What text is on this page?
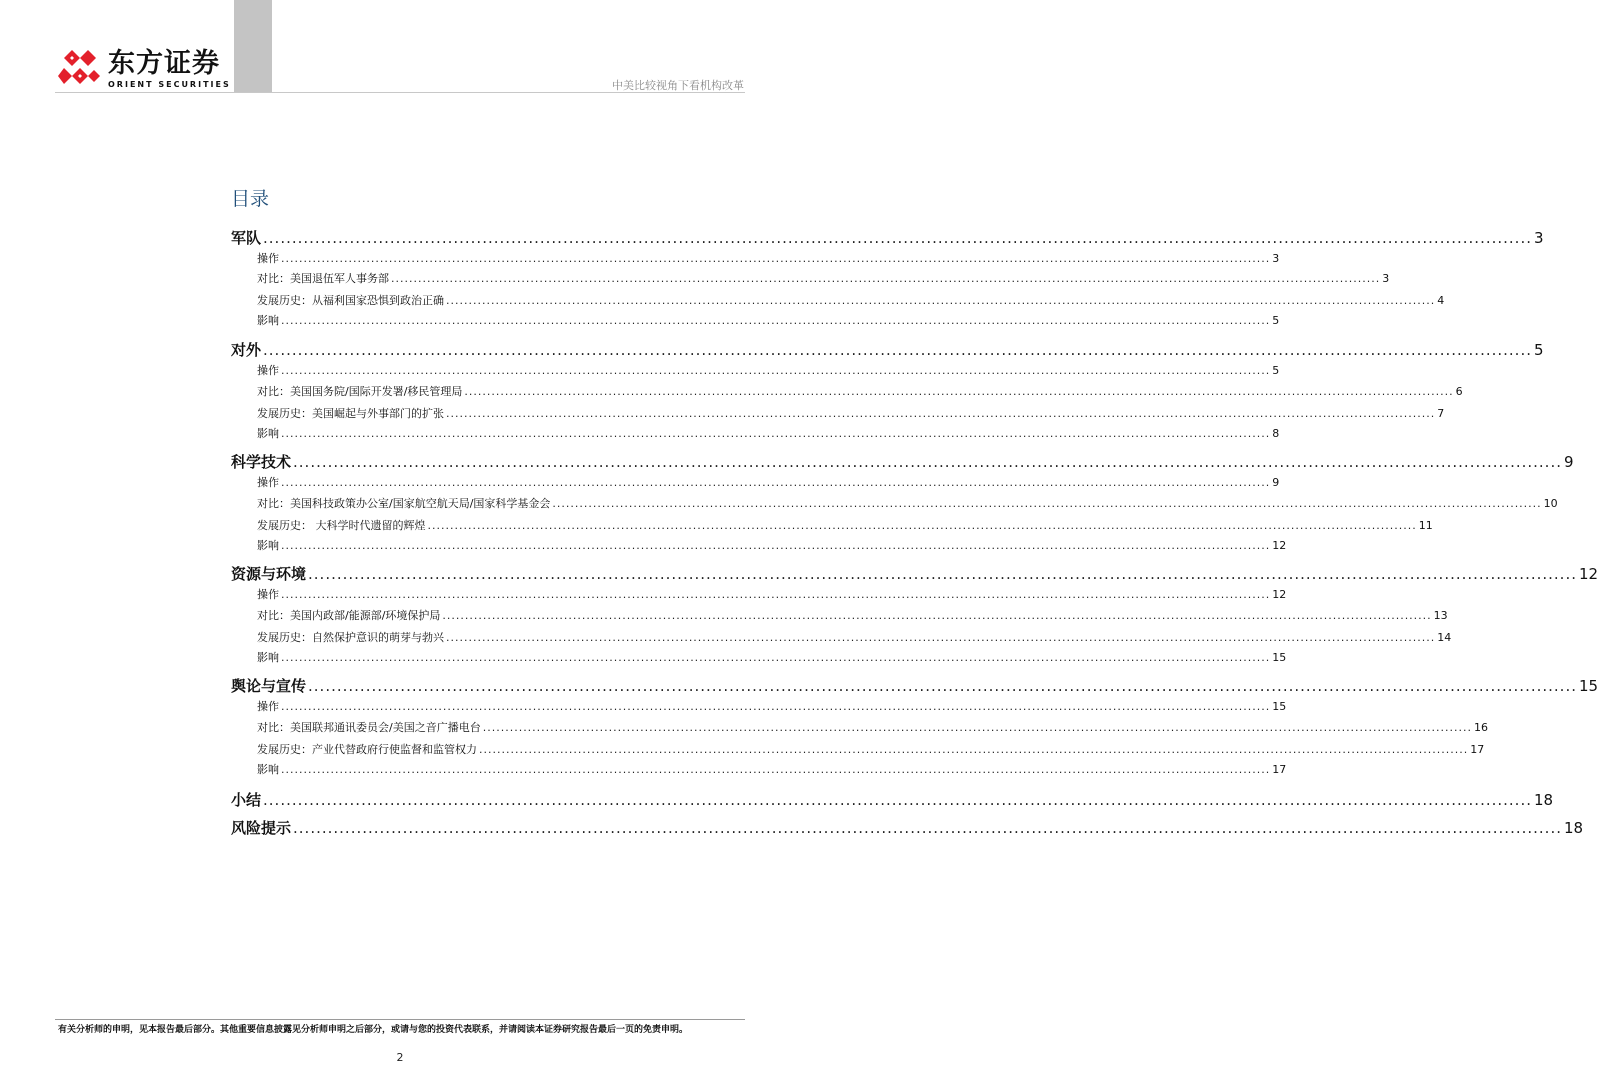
东方证券
ORIENT SECURITIES	中美比较视角下看机构改革
目录
军队 ............................................................................................................................................................................................................................ 3
操作 ............................................................................................................................................................................................................................ 3
对比：美国退伍军人事务部 ............................................................................................................................................................................................................................ 3
发展历史：从福利国家恐惧到政治正确 ............................................................................................................................................................................................................................ 4
影响 ............................................................................................................................................................................................................................ 5
对外 ............................................................................................................................................................................................................................ 5
操作 ............................................................................................................................................................................................................................ 5
对比：美国国务院/国际开发署/移民管理局 ............................................................................................................................................................................................................................ 6
发展历史：美国崛起与外事部门的扩张 ............................................................................................................................................................................................................................ 7
影响 ............................................................................................................................................................................................................................ 8
科学技术 ............................................................................................................................................................................................................................ 9
操作 ............................................................................................................................................................................................................................ 9
对比：美国科技政策办公室/国家航空航天局/国家科学基金会 ............................................................................................................................................................................................................................ 10
发展历史： 大科学时代遗留的辉煌 ............................................................................................................................................................................................................................ 11
影响 ............................................................................................................................................................................................................................ 12
资源与环境 ............................................................................................................................................................................................................................ 12
操作 ............................................................................................................................................................................................................................ 12
对比：美国内政部/能源部/环境保护局 ............................................................................................................................................................................................................................ 13
发展历史：自然保护意识的萌芽与勃兴 ............................................................................................................................................................................................................................ 14
影响 ............................................................................................................................................................................................................................ 15
舆论与宣传 ............................................................................................................................................................................................................................ 15
操作 ............................................................................................................................................................................................................................ 15
对比：美国联邦通讯委员会/美国之音广播电台 ............................................................................................................................................................................................................................ 16
发展历史：产业代替政府行使监督和监管权力 ............................................................................................................................................................................................................................ 17
影响 ............................................................................................................................................................................................................................ 17
小结 ............................................................................................................................................................................................................................ 18
风险提示 ............................................................................................................................................................................................................................ 18
有关分析师的申明，见本报告最后部分。其他重要信息披露见分析师申明之后部分，或请与您的投资代表联系，并请阅读本证券研究报告最后一页的免责申明。
2
